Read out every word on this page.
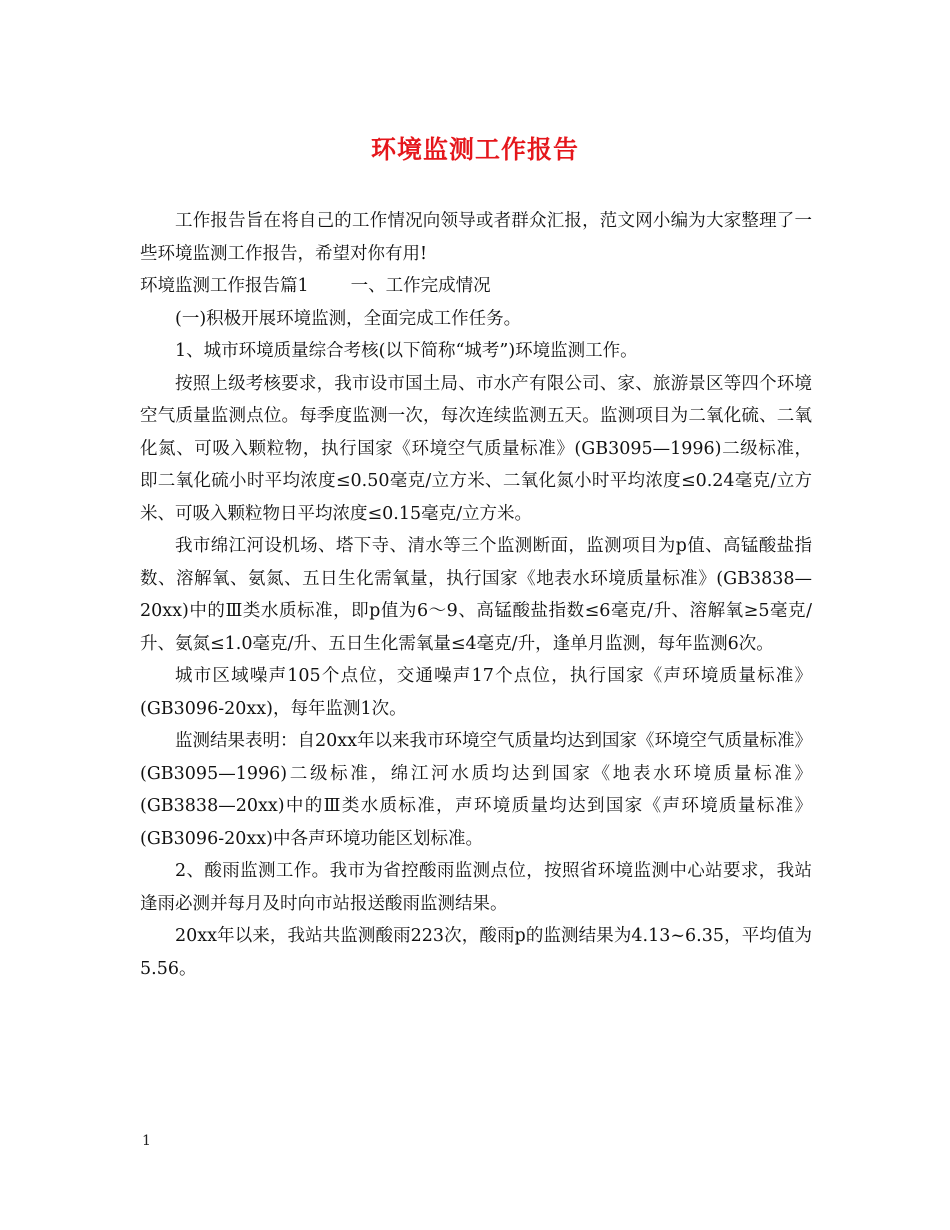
环境监测工作报告

工作报告旨在将自己的工作情况向领导或者群众汇报，范文网小编为大家整理了一些环境监测工作报告，希望对你有用!

环境监测工作报告篇1 一、工作完成情况

(一)积极开展环境监测，全面完成工作任务。

1、城市环境质量综合考核(以下简称“城考”)环境监测工作。

按照上级考核要求，我市设市国土局、市水产有限公司、家、旅游景区等四个环境空气质量监测点位。每季度监测一次，每次连续监测五天。监测项目为二氧化硫、二氧化氮、可吸入颗粒物，执行国家《环境空气质量标准》(GB3095—1996)二级标准，即二氧化硫小时平均浓度≤0.50毫克/立方米、二氧化氮小时平均浓度≤0.24毫克/立方米、可吸入颗粒物日平均浓度≤0.15毫克/立方米。

我市绵江河设机场、塔下寺、清水等三个监测断面，监测项目为p值、高锰酸盐指数、溶解氧、氨氮、五日生化需氧量，执行国家《地表水环境质量标准》(GB3838—20xx)中的Ⅲ类水质标准，即p值为6～9、高锰酸盐指数≤6毫克/升、溶解氧≥5毫克/升、氨氮≤1.0毫克/升、五日生化需氧量≤4毫克/升，逢单月监测，每年监测6次。

城市区域噪声105个点位，交通噪声17个点位，执行国家《声环境质量标准》(GB3096-20xx)，每年监测1次。

监测结果表明：自20xx年以来我市环境空气质量均达到国家《环境空气质量标准》(GB3095—1996)二级标准，绵江河水质均达到国家《地表水环境质量标准》(GB3838—20xx)中的Ⅲ类水质标准，声环境质量均达到国家《声环境质量标准》(GB3096-20xx)中各声环境功能区划标准。

2、酸雨监测工作。我市为省控酸雨监测点位，按照省环境监测中心站要求，我站逢雨必测并每月及时向市站报送酸雨监测结果。

20xx年以来，我站共监测酸雨223次，酸雨p的监测结果为4.13~6.35，平均值为5.56。

1
